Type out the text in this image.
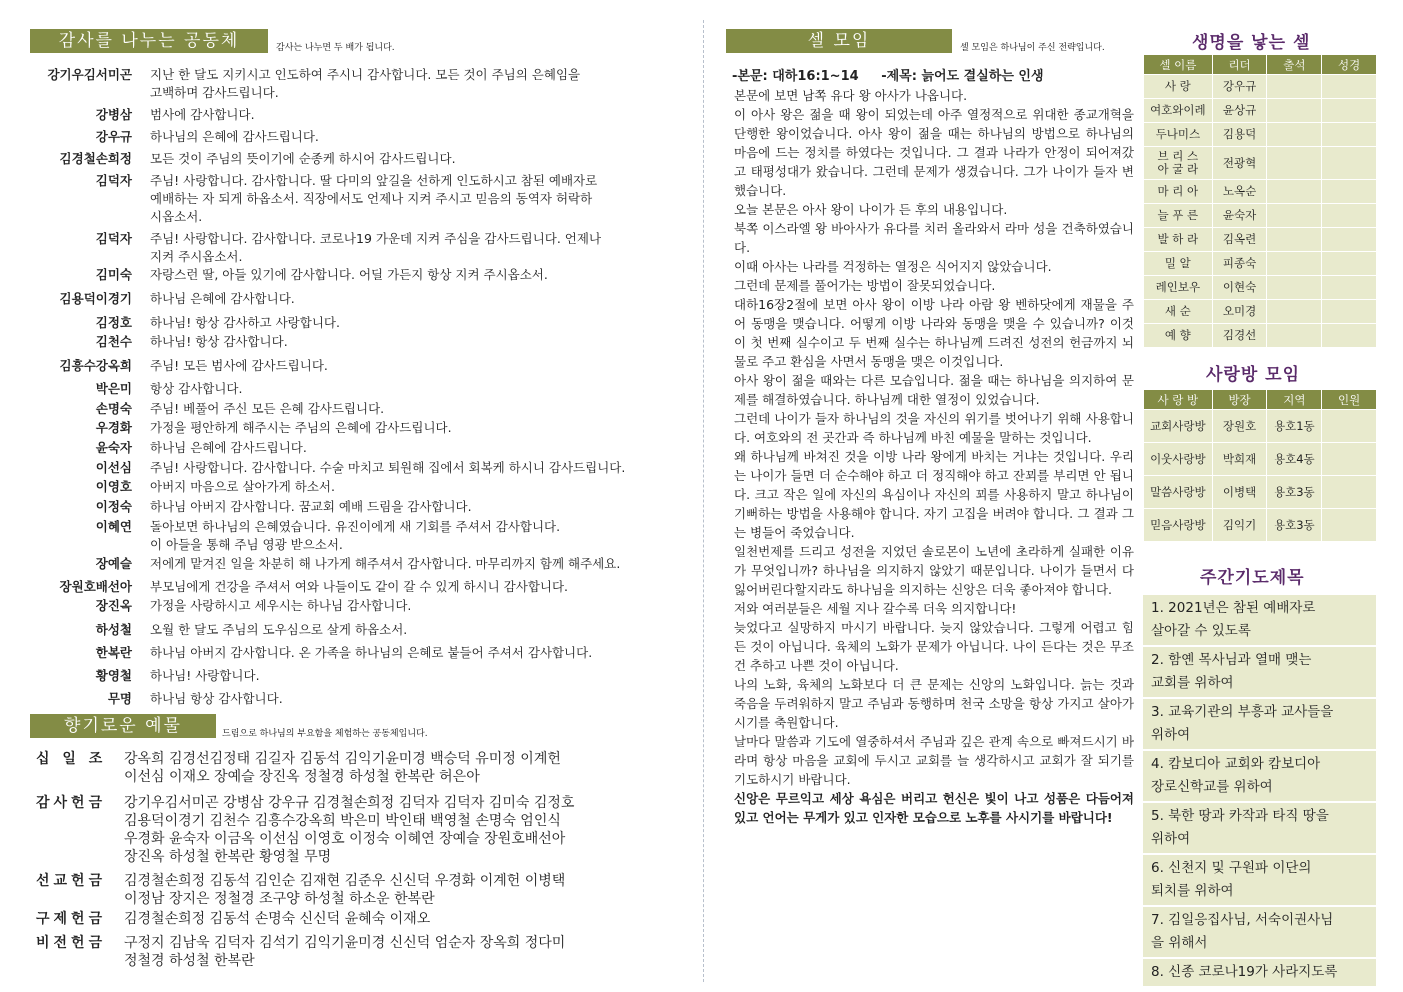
감사를 나누는 공동체	감사는 나누면 두 배가 됩니다.
강기우김서미곤 지난 한 달도 지키시고 인도하여 주시니 감사합니다. 모든 것이 주님의 은혜임을
고백하며 감사드립니다.
강병삼 범사에 감사합니다.
강우규 하나님의 은혜에 감사드립니다.
김경철손희정 모든 것이 주님의 뜻이기에 순종케 하시어 감사드립니다.
김덕자 주님! 사랑합니다. 감사합니다. 딸 다미의 앞길을 선하게 인도하시고 참된 예배자로
예배하는 자 되게 하옵소서. 직장에서도 언제나 지켜 주시고 믿음의 동역자 허락하
시옵소서.
김덕자 주님! 사랑합니다. 감사합니다. 코로나19 가운데 지켜 주심을 감사드립니다. 언제나
지켜 주시옵소서.
김미숙 자랑스런 딸, 아들 있기에 감사합니다. 어딜 가든지 항상 지켜 주시옵소서.
김용덕이경기 하나님 은혜에 감사합니다.
김정호 하나님! 항상 감사하고 사랑합니다.
김천수 하나님! 항상 감사합니다.
김흥수강옥희 주님! 모든 범사에 감사드립니다.
박은미 항상 감사합니다.
손명숙 주님! 베풀어 주신 모든 은혜 감사드립니다.
우경화 가정을 평안하게 해주시는 주님의 은혜에 감사드립니다.
윤숙자 하나님 은혜에 감사드립니다.
이선심 주님! 사랑합니다. 감사합니다. 수술 마치고 퇴원해 집에서 회복케 하시니 감사드립니다.
이영호 아버지 마음으로 살아가게 하소서.
이정숙 하나님 아버지 감사합니다. 꿈교회 예배 드림을 감사합니다.
이혜연 돌아보면 하나님의 은혜였습니다. 유진이에게 새 기회를 주셔서 감사합니다.
이 아들을 통해 주님 영광 받으소서.
장예슬 저에게 맡겨진 일을 차분히 해 나가게 해주셔서 감사합니다. 마무리까지 함께 해주세요.
장원호배선아 부모님에게 건강을 주셔서 여와 나들이도 같이 갈 수 있게 하시니 감사합니다.
장진옥 가정을 사랑하시고 세우시는 하나님 감사합니다.
하성철 오월 한 달도 주님의 도우심으로 살게 하옵소서.
한복란 하나님 아버지 감사합니다. 온 가족을 하나님의 은혜로 붙들어 주셔서 감사합니다.
황영철 하나님! 사랑합니다.
무명 하나님 항상 감사합니다.
향기로운 예물	드림으로 하나님의 부요함을 체험하는 공동체입니다.
십 일 조	강옥희 김경선김정태 김길자 김동석 김익기윤미경 백승덕 유미정 이계헌
이선심 이재오 장예슬 장진옥 정철경 하성철 한복란 허은아
감사헌금	강기우김서미곤 강병삼 강우규 김경철손희정 김덕자 김덕자 김미숙 김정호
김용덕이경기 김천수 김흥수강옥희 박은미 박인태 백영철 손명숙 엄인식
우경화 윤숙자 이금옥 이선심 이영호 이정숙 이혜연 장예슬 장원호배선아
장진옥 하성철 한복란 황영철 무명
선교헌금	김경철손희정 김동석 김인순 김재현 김준우 신신덕 우경화 이계헌 이병택
이정남 장지은 정철경 조구양 하성철 하소운 한복란
구제헌금	김경철손희정 김동석 손명숙 신신덕 윤혜숙 이재오
비전헌금	구정지 김남욱 김덕자 김석기 김익기윤미경 신신덕 엄순자 장옥희 정다미
정철경 하성철 한복란
셀 모임	셀 모임은 하나님이 주신 전략입니다.
-본문: 대하16:1~14 -제목: 늙어도 결실하는 인생

본문에 보면 남쪽 유다 왕 아사가 나옵니다.

이 아사 왕은 젊을 때 왕이 되었는데 아주 열정적으로 위대한 종교개혁을 단행한 왕이었습니다. 아사 왕이 젊을 때는 하나님의 방법으로 하나님의 마음에 드는 정치를 하였다는 것입니다. 그 결과 나라가 안정이 되어져갔고 태평성대가 왔습니다. 그런데 문제가 생겼습니다. 그가 나이가 들자 변했습니다.

오늘 본문은 아사 왕이 나이가 든 후의 내용입니다.

북쪽 이스라엘 왕 바아사가 유다를 치러 올라와서 라마 성을 건축하였습니다.

이때 아사는 나라를 걱정하는 열정은 식어지지 않았습니다.

그런데 문제를 풀어가는 방법이 잘못되었습니다.

대하16장2절에 보면 아사 왕이 이방 나라 아람 왕 벤하닷에게 재물을 주어 동맹을 맺습니다. 어떻게 이방 나라와 동맹을 맺을 수 있습니까? 이것이 첫 번째 실수이고 두 번째 실수는 하나님께 드려진 성전의 헌금까지 뇌물로 주고 환심을 사면서 동맹을 맺은 이것입니다.

아사 왕이 젊을 때와는 다른 모습입니다. 젊을 때는 하나님을 의지하여 문제를 해결하였습니다. 하나님께 대한 열정이 있었습니다.

그런데 나이가 들자 하나님의 것을 자신의 위기를 벗어나기 위해 사용합니다. 여호와의 전 곳간과 즉 하나님께 바친 예물을 말하는 것입니다.

왜 하나님께 바쳐진 것을 이방 나라 왕에게 바치는 거냐는 것입니다. 우리는 나이가 들면 더 순수해야 하고 더 정직해야 하고 잔꾀를 부리면 안 됩니다. 크고 작은 일에 자신의 욕심이나 자신의 꾀를 사용하지 말고 하나님이 기뻐하는 방법을 사용해야 합니다. 자기 고집을 버려야 합니다. 그 결과 그는 병들어 죽었습니다.

일천번제를 드리고 성전을 지었던 솔로몬이 노년에 초라하게 실패한 이유가 무엇입니까? 하나님을 의지하지 않았기 때문입니다. 나이가 들면서 다 잃어버린다할지라도 하나님을 의지하는 신앙은 더욱 좋아져야 합니다.

저와 여러분들은 세월 지나 갈수록 더욱 의지합니다!

늦었다고 실망하지 마시기 바랍니다. 늦지 않았습니다. 그렇게 어렵고 힘든 것이 아닙니다. 육체의 노화가 문제가 아닙니다. 나이 든다는 것은 무조건 추하고 나쁜 것이 아닙니다.

나의 노화, 육체의 노화보다 더 큰 문제는 신앙의 노화입니다. 늙는 것과 죽음을 두려워하지 말고 주님과 동행하며 천국 소망을 항상 가지고 살아가시기를 축원합니다.

날마다 말씀과 기도에 열중하셔서 주님과 깊은 관계 속으로 빠져드시기 바라며 항상 마음을 교회에 두시고 교회를 늘 생각하시고 교회가 잘 되기를 기도하시기 바랍니다.

신앙은 무르익고 세상 욕심은 버리고 헌신은 빛이 나고 성품은 다듬어져 있고 언어는 무게가 있고 인자한 모습으로 노후를 사시기를 바랍니다!

생명을 낳는 셀
셀 이름	리더	출석	성경
사 랑	강우규		
여호와이레	윤상규		
두나미스	김용덕		
브 리 스
아 굴 라	전광혁		
마 리 아	노옥순		
늘 푸 른	윤숙자		
발 하 라	김옥련		
밀 알	피종숙		
레인보우	이현숙		
새 순	오미경		
예 향	김경선		
사랑방 모임
사 랑 방	방장	지역	인원
교회사랑방	장원호	용호1동	
이웃사랑방	박희재	용호4동	
말씀사랑방	이병택	용호3동	
믿음사랑방	김익기	용호3동	
주간기도제목
1. 2021년은 참된 예배자로
살아갈 수 있도록
2. 함옌 목사님과 열매 맺는
교회를 위하여
3. 교육기관의 부흥과 교사들을
위하여
4. 캄보디아 교회와 캄보디아
장로신학교를 위하여
5. 북한 땅과 카작과 타직 땅을
위하여
6. 신천지 및 구원파 이단의
퇴치를 위하여
7. 김일응집사님, 서숙이권사님
을 위해서
8. 신종 코로나19가 사라지도록
